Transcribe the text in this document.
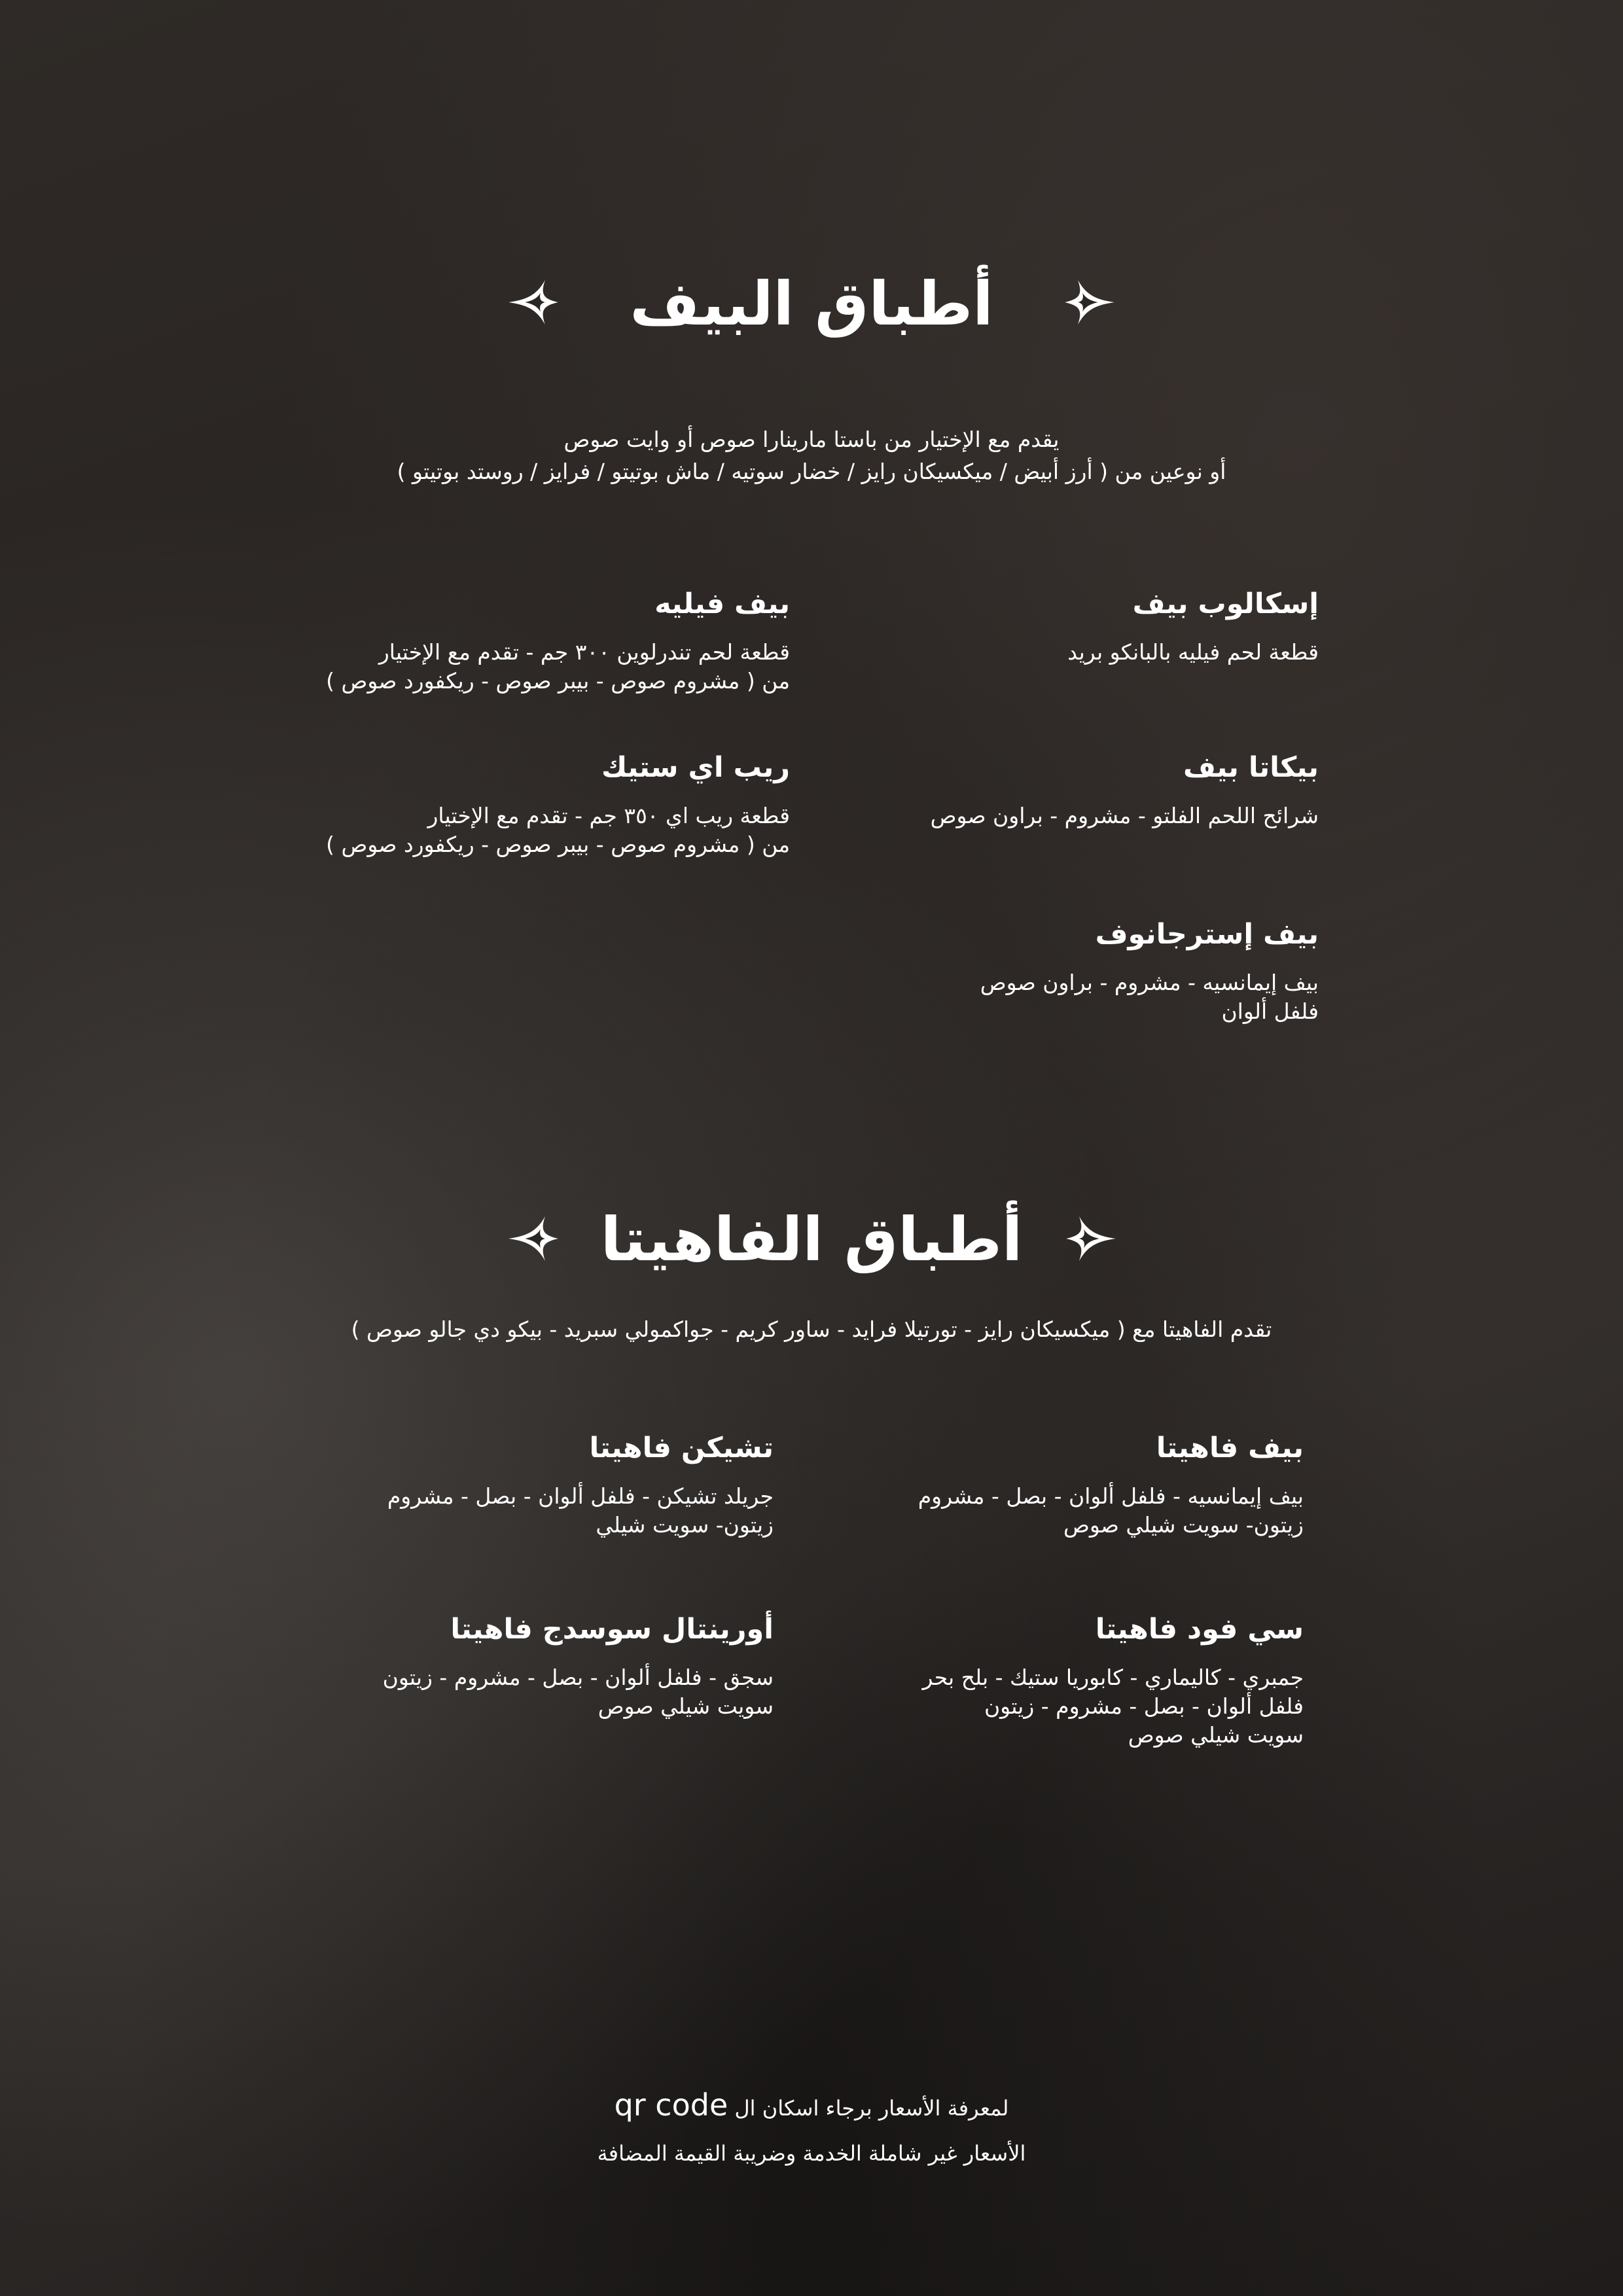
أطباق البيف
يقدم مع الإختيار من باستا مارينارا صوص أو وايت صوص
أو نوعين من ( أرز أبيض / ميكسيكان رايز / خضار سوتيه / ماش بوتيتو / فرايز / روستد بوتيتو )
إسكالوب بيف
قطعة لحم فيليه بالبانكو بريد
بيكاتا بيف
شرائح اللحم الفلتو - مشروم - براون صوص
بيف إسترجانوف
بيف إيمانسيه - مشروم - براون صوص
فلفل ألوان
بيف فيليه
قطعة لحم تندرلوين ٣٠٠ جم - تقدم مع الإختيار
من ( مشروم صوص - بيبر صوص - ريكفورد صوص )
ريب اي ستيك
قطعة ريب اي ٣٥٠ جم - تقدم مع الإختيار
من ( مشروم صوص - بيبر صوص - ريكفورد صوص )
أطباق الفاهيتا
تقدم الفاهيتا مع ( ميكسيكان رايز - تورتيلا فرايد - ساور كريم - جواكمولي سبريد - بيكو دي جالو صوص )
بيف فاهيتا
بيف إيمانسيه - فلفل ألوان - بصل - مشروم
زيتون- سويت شيلي صوص
سي فود فاهيتا
جمبري - كاليماري - كابوريا ستيك - بلح بحر
فلفل ألوان - بصل - مشروم - زيتون
سويت شيلي صوص
تشيكن فاهيتا
جريلد تشيكن - فلفل ألوان - بصل - مشروم
زيتون- سويت شيلي
أورينتال سوسدج فاهيتا
سجق - فلفل ألوان - بصل - مشروم - زيتون
سويت شيلي صوص
لمعرفة الأسعار برجاء اسكان ال qr code
الأسعار غير شاملة الخدمة وضريبة القيمة المضافة
